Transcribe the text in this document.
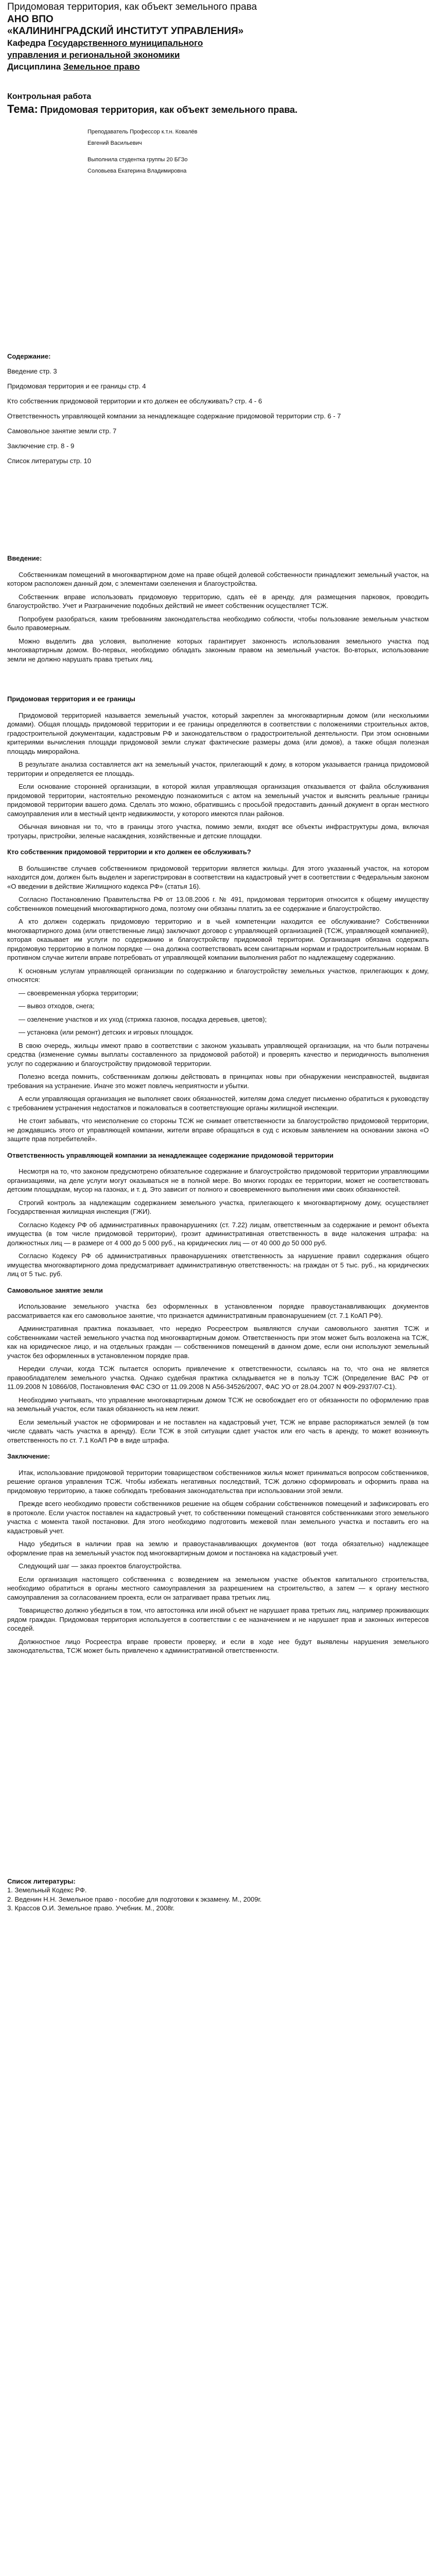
Придомовая территория, как объект земельного права
АНО ВПО
«КАЛИНИНГРАДСКИЙ ИНСТИТУТ УПРАВЛЕНИЯ»
Кафедра Государственного муниципального
управления и региональной экономики
Дисциплина Земельное право
Контрольная работа
Тема: Придомовая территория, как объект земельного права.

Преподаватель Профессор к.т.н. Ковалёв

Евгений Васильевич

Выполнила студентка группы 20 БГЗо

Соловьева Екатерина Владимировна

Содержание:

Введение стр. 3

Придомовая территория и ее границы стр. 4

Кто собственник придомовой территории и кто должен ее обслуживать? стр. 4 - 6

Ответственность управляющей компании за ненадлежащее содержание придомовой территории стр. 6 - 7

Самовольное занятие земли стр. 7

Заключение стр. 8 - 9

Список литературы стр. 10

Введение:

Собственникам помещений в многоквартирном доме на праве общей долевой собственности принадлежит земельный участок, на котором расположен данный дом, с элементами озеленения и благоустройства.

Собственник вправе использовать придомовую территорию, сдать её в аренду, для размещения парковок, проводить благоустройство. Учет и Разграничение подобных действий не имеет собственник осуществляет ТСЖ.

Попробуем разобраться, каким требованиям законодательства необходимо соблюсти, чтобы пользование земельным участком было правомерным.

Можно выделить два условия, выполнение которых гарантирует законность использования земельного участка под многоквартирным домом. Во-первых, необходимо обладать законным правом на земельный участок. Во-вторых, использование земли не должно нарушать права третьих лиц.

Придомовая территория и ее границы

Придомовой территорией называется земельный участок, который закреплен за многоквартирным домом (или несколькими домами). Общая площадь придомовой территории и ее границы определяются в соответствии с положениями строительных актов, градостроительной документации, кадастровым РФ и законодательством о градостроительной деятельности. При этом основными критериями вычисления площади придомовой земли служат фактические размеры дома (или домов), а также общая полезная площадь микрорайона.

В результате анализа составляется акт на земельный участок, прилегающий к дому, в котором указывается граница придомовой территории и определяется ее площадь.

Если основание сторонней организации, в которой жилая управляющая организация отказывается от файла обслуживания придомовой территории, настоятельно рекомендую познакомиться с актом на земельный участок и выяснить реальные границы придомовой территории вашего дома. Сделать это можно, обратившись с просьбой предоставить данный документ в орган местного самоуправления или в местный центр недвижимости, у которого имеются план районов.

Обычная виновная ни то, что в границы этого участка, помимо земли, входят все объекты инфраструктуры дома, включая тротуары, пристройки, зеленые насаждения, хозяйственные и детские площадки.

Кто собственник придомовой территории и кто должен ее обслуживать?

В большинстве случаев собственником придомовой территории является жильцы. Для этого указанный участок, на котором находится дом, должен быть выделен и зарегистрирован в соответствии на кадастровый учет в соответствии с Федеральным законом «О введении в действие Жилищного кодекса РФ» (статья 16).

Согласно Постановлению Правительства РФ от 13.08.2006 г. № 491, придомовая территория относится к общему имуществу собственников помещений многоквартирного дома, поэтому они обязаны платить за ее содержание и благоустройство.

А кто должен содержать придомовую территорию и в чьей компетенции находится ее обслуживание? Собственники многоквартирного дома (или ответственные лица) заключают договор с управляющей организацией (ТСЖ, управляющей компанией), которая оказывает им услуги по содержанию и благоустройству придомовой территории. Организация обязана содержать придомовую территорию в полном порядке — она должна соответствовать всем санитарным нормам и градостроительным нормам. В противном случае жители вправе потребовать от управляющей компании выполнения работ по надлежащему содержанию.

К основным услугам управляющей организации по содержанию и благоустройству земельных участков, прилегающих к дому, относятся:

— своевременная уборка территории;

— вывоз отходов, снега;

— озеленение участков и их уход (стрижка газонов, посадка деревьев, цветов);

— установка (или ремонт) детских и игровых площадок.

В свою очередь, жильцы имеют право в соответствии с законом указывать управляющей организации, на что были потрачены средства (изменение суммы выплаты составленного за придомовой работой) и проверять качество и периодичность выполнения услуг по содержанию и благоустройству придомовой территории.

Полезно всегда помнить, собственникам должны действовать в принципах новы при обнаружении неисправностей, выдвигая требования на устранение. Иначе это может повлечь неприятности и убытки.

А если управляющая организация не выполняет своих обязанностей, жителям дома следует письменно обратиться к руководству с требованием устранения недостатков и пожаловаться в соответствующие органы жилищной инспекции.

Не стоит забывать, что неисполнение со стороны ТСЖ не снимает ответственности за благоустройство придомовой территории, не дождавшись этого от управляющей компании, жители вправе обращаться в суд с исковым заявлением на основании закона «О защите прав потребителей».

Ответственность управляющей компании за ненадлежащее содержание придомовой территории

Несмотря на то, что законом предусмотрено обязательное содержание и благоустройство придомовой территории управляющими организациями, на деле услуги могут оказываться не в полной мере. Во многих городах ее территории, может не соответствовать детским площадкам, мусор на газонах, и т. д. Это зависит от полного и своевременного выполнения ими своих обязанностей.

Строгий контроль за надлежащим содержанием земельного участка, прилегающего к многоквартирному дому, осуществляет Государственная жилищная инспекция (ГЖИ).

Согласно Кодексу РФ об административных правонарушениях (ст. 7.22) лицам, ответственным за содержание и ремонт объекта имущества (в том числе придомовой территории), грозит административная ответственность в виде наложения штрафа: на должностных лиц — в размере от 4 000 до 5 000 руб., на юридических лиц — от 40 000 до 50 000 руб.

Согласно Кодексу РФ об административных правонарушениях ответственность за нарушение правил содержания общего имущества многоквартирного дома предусматривает административную ответственность: на граждан от 5 тыс. руб., на юридических лиц от 5 тыс. руб.

Самовольное занятие земли

Использование земельного участка без оформленных в установленном порядке правоустанавливающих документов рассматривается как его самовольное занятие, что признается административным правонарушением (ст. 7.1 КоАП РФ).

Административная практика показывает, что нередко Росреестром выявляются случаи самовольного занятия ТСЖ и собственниками частей земельного участка под многоквартирным домом. Ответственность при этом может быть возложена на ТСЖ, как на юридическое лицо, и на отдельных граждан — собственников помещений в данном доме, если они используют земельный участок без оформленных в установленном порядке прав.

Нередки случаи, когда ТСЖ пытается оспорить привлечение к ответственности, ссылаясь на то, что она не является правообладателем земельного участка. Однако судебная практика складывается не в пользу ТСЖ (Определение ВАС РФ от 11.09.2008 N 10866/08, Постановления ФАС СЗО от 11.09.2008 N А56-34526/2007, ФАС УО от 28.04.2007 N Ф09-2937/07-С1).

Необходимо учитывать, что управление многоквартирным домом ТСЖ не освобождает его от обязанности по оформлению прав на земельный участок, если такая обязанность на нем лежит.

Если земельный участок не сформирован и не поставлен на кадастровый учет, ТСЖ не вправе распоряжаться землей (в том числе сдавать часть участка в аренду). Если ТСЖ в этой ситуации сдает участок или его часть в аренду, то может возникнуть ответственность по ст. 7.1 КоАП РФ в виде штрафа.

Заключение:

Итак, использование придомовой территории товариществом собственников жилья может приниматься вопросом собственников, решение органов управления ТСЖ. Чтобы избежать негативных последствий, ТСЖ должно сформировать и оформить права на придомовую территорию, а также соблюдать требования законодательства при использовании этой земли.

Прежде всего необходимо провести собственников решение на общем собрании собственников помещений и зафиксировать его в протоколе. Если участок поставлен на кадастровый учет, то собственники помещений становятся собственниками этого земельного участка с момента такой постановки. Для этого необходимо подготовить межевой план земельного участка и поставить его на кадастровый учет.

Надо убедиться в наличии прав на землю и правоустанавливающих документов (вот тогда обязательно) надлежащее оформление прав на земельный участок под многоквартирным домом и постановка на кадастровый учет.

Следующий шаг — заказ проектов благоустройства.

Если организация настоящего собственника с возведением на земельном участке объектов капитального строительства, необходимо обратиться в органы местного самоуправления за разрешением на строительство, а затем — к органу местного самоуправления за согласованием проекта, если он затрагивает права третьих лиц.

Товарищество должно убедиться в том, что автостоянка или иной объект не нарушает права третьих лиц, например проживающих рядом граждан. Придомовая территория используется в соответствии с ее назначением и не нарушает прав и законных интересов соседей.

Должностное лицо Росреестра вправе провести проверку, и если в ходе нее будут выявлены нарушения земельного законодательства, ТСЖ может быть привлечено к административной ответственности.

Список литературы:

1. Земельный Кодекс РФ.

2. Веденин Н.Н. Земельное право - пособие для подготовки к экзамену. М., 2009г.

3. Крассов О.И. Земельное право. Учебник. М., 2008г.
